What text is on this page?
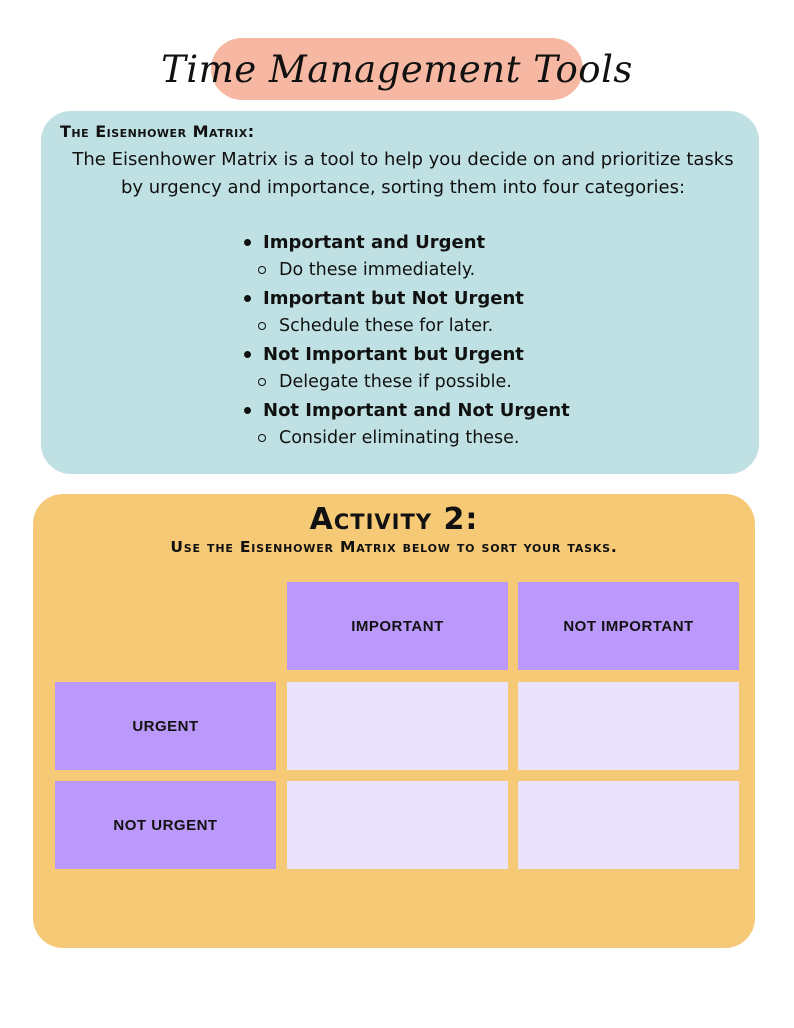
Time Management Tools
The Eisenhower Matrix:
The Eisenhower Matrix is a tool to help you decide on and prioritize tasks by urgency and importance, sorting them into four categories:
Important and Urgent
Do these immediately.
Important but Not Urgent
Schedule these for later.
Not Important but Urgent
Delegate these if possible.
Not Important and Not Urgent
Consider eliminating these.
Activity 2:
Use the Eisenhower Matrix below to sort your tasks.
IMPORTANT	NOT IMPORTANT
URGENT
NOT URGENT
